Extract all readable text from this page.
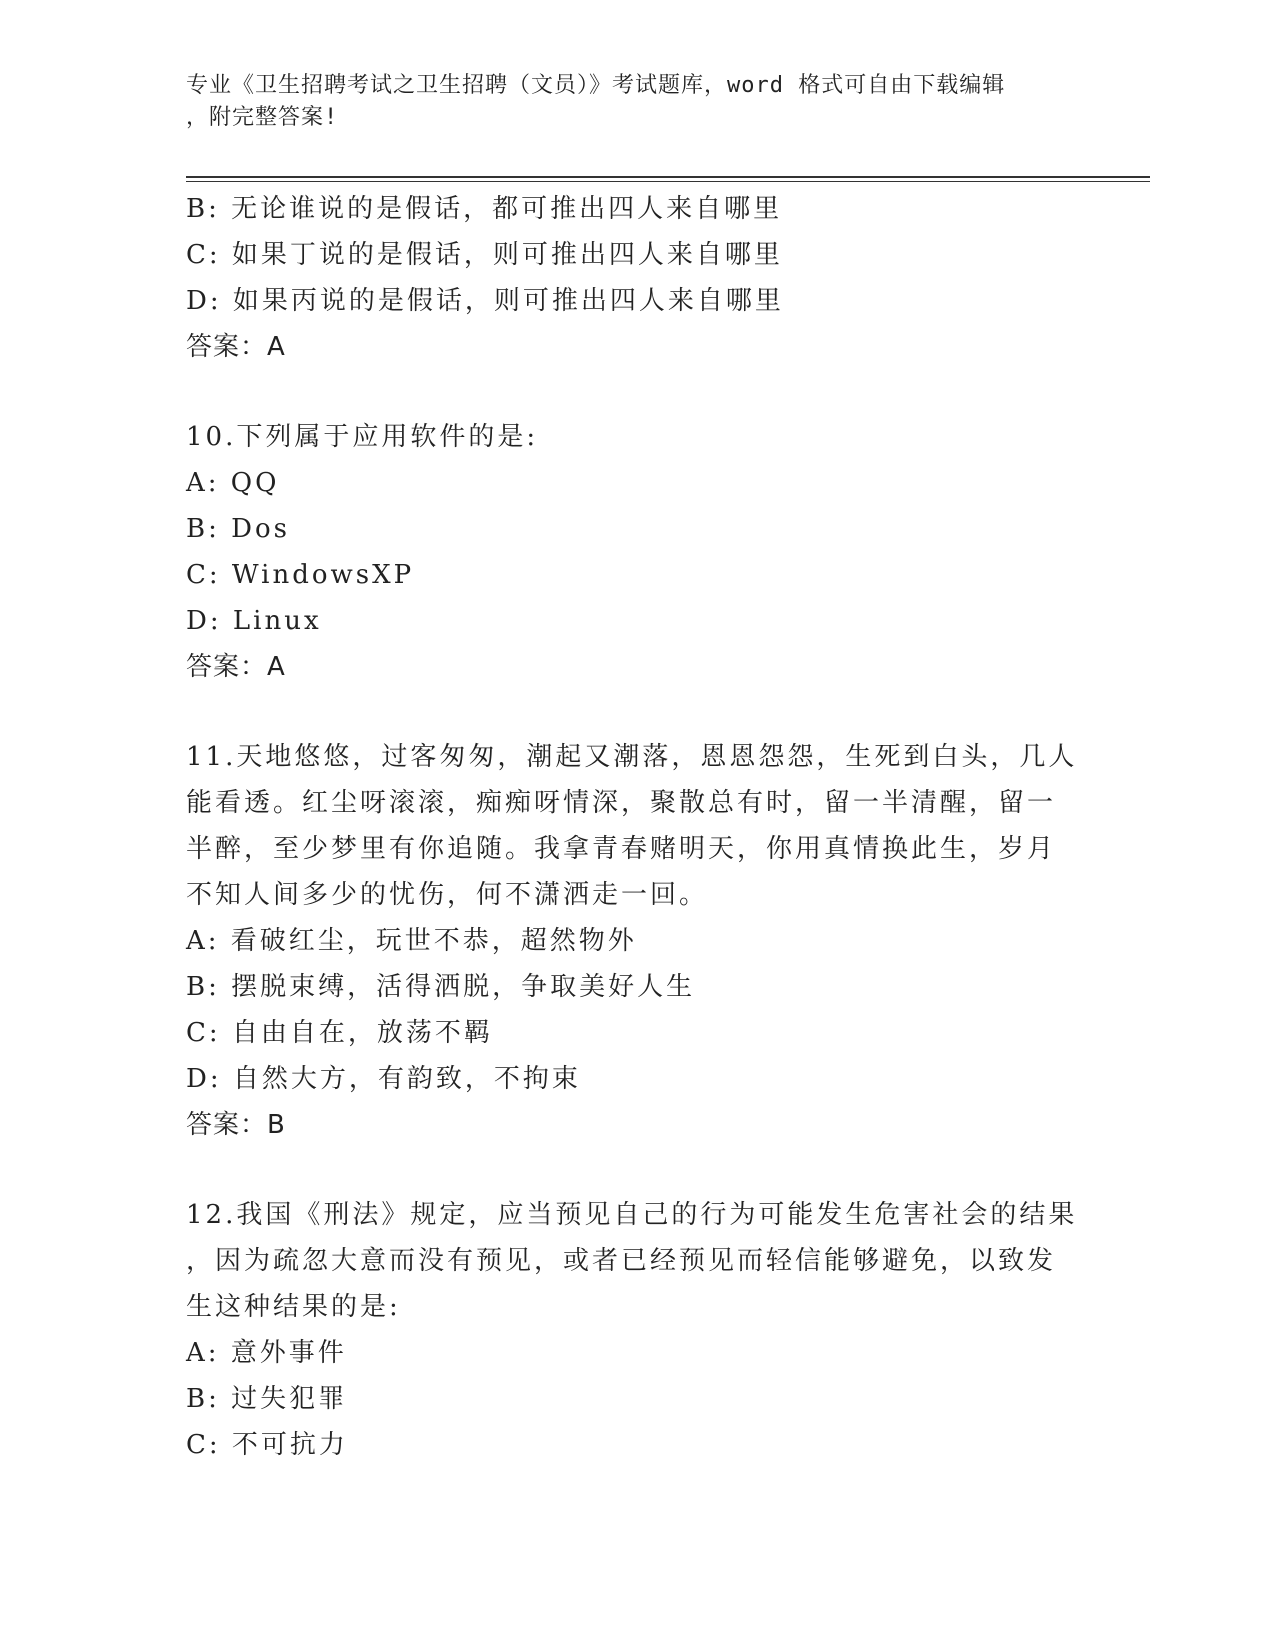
专业《卫生招聘考试之卫生招聘（文员）》考试题库，word 格式可自由下载编辑
，附完整答案!
B: 无论谁说的是假话，都可推出四人来自哪里
C: 如果丁说的是假话，则可推出四人来自哪里
D: 如果丙说的是假话，则可推出四人来自哪里
答案：A
10.下列属于应用软件的是:
A: QQ
B: Dos
C: WindowsXP
D: Linux
答案：A
11.天地悠悠，过客匆匆，潮起又潮落，恩恩怨怨，生死到白头，几人
能看透。红尘呀滚滚，痴痴呀情深，聚散总有时，留一半清醒，留一
半醉，至少梦里有你追随。我拿青春赌明天，你用真情换此生，岁月
不知人间多少的忧伤，何不潇洒走一回。
A: 看破红尘，玩世不恭，超然物外
B: 摆脱束缚，活得洒脱，争取美好人生
C: 自由自在，放荡不羁
D: 自然大方，有韵致，不拘束
答案：B
12.我国《刑法》规定，应当预见自己的行为可能发生危害社会的结果
，因为疏忽大意而没有预见，或者已经预见而轻信能够避免，以致发
生这种结果的是:
A: 意外事件
B: 过失犯罪
C: 不可抗力
